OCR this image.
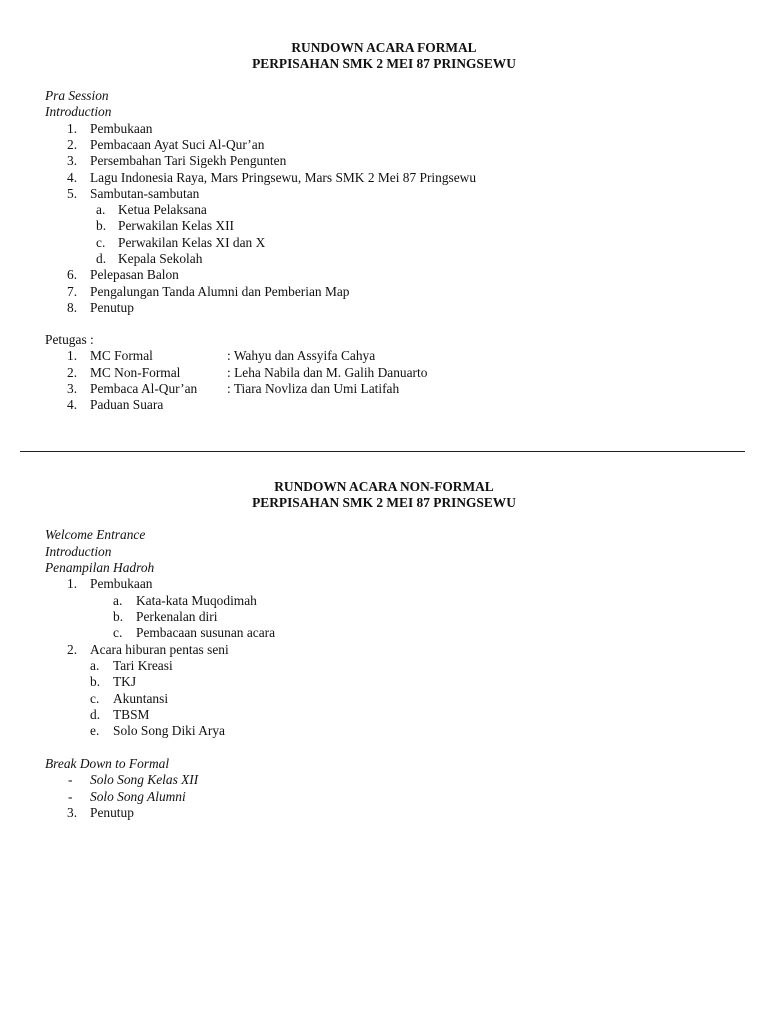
RUNDOWN ACARA FORMAL
PERPISAHAN SMK 2 MEI 87 PRINGSEWU
Pra Session
Introduction
1. Pembukaan
2. Pembacaan Ayat Suci Al-Qur’an
3. Persembahan Tari Sigekh Pengunten
4. Lagu Indonesia Raya, Mars Pringsewu, Mars SMK 2 Mei 87 Pringsewu
5. Sambutan-sambutan
a. Ketua Pelaksana
b. Perwakilan Kelas XII
c. Perwakilan Kelas XI dan X
d. Kepala Sekolah
6. Pelepasan Balon
7. Pengalungan Tanda Alumni dan Pemberian Map
8. Penutup
Petugas :
1. MC Formal	: Wahyu dan Assyifa Cahya
2. MC Non-Formal	: Leha Nabila dan M. Galih Danuarto
3. Pembaca Al-Qur’an : Tiara Novliza dan Umi Latifah
4. Paduan Suara
RUNDOWN ACARA NON-FORMAL
PERPISAHAN SMK 2 MEI 87 PRINGSEWU
Welcome Entrance
Introduction
Penampilan Hadroh
1. Pembukaan
a. Kata-kata Muqodimah
b. Perkenalan diri
c. Pembacaan susunan acara
2. Acara hiburan pentas seni
a. Tari Kreasi
b. TKJ
c. Akuntansi
d. TBSM
e. Solo Song Diki Arya
Break Down to Formal
- Solo Song Kelas XII
- Solo Song Alumni
3. Penutup
